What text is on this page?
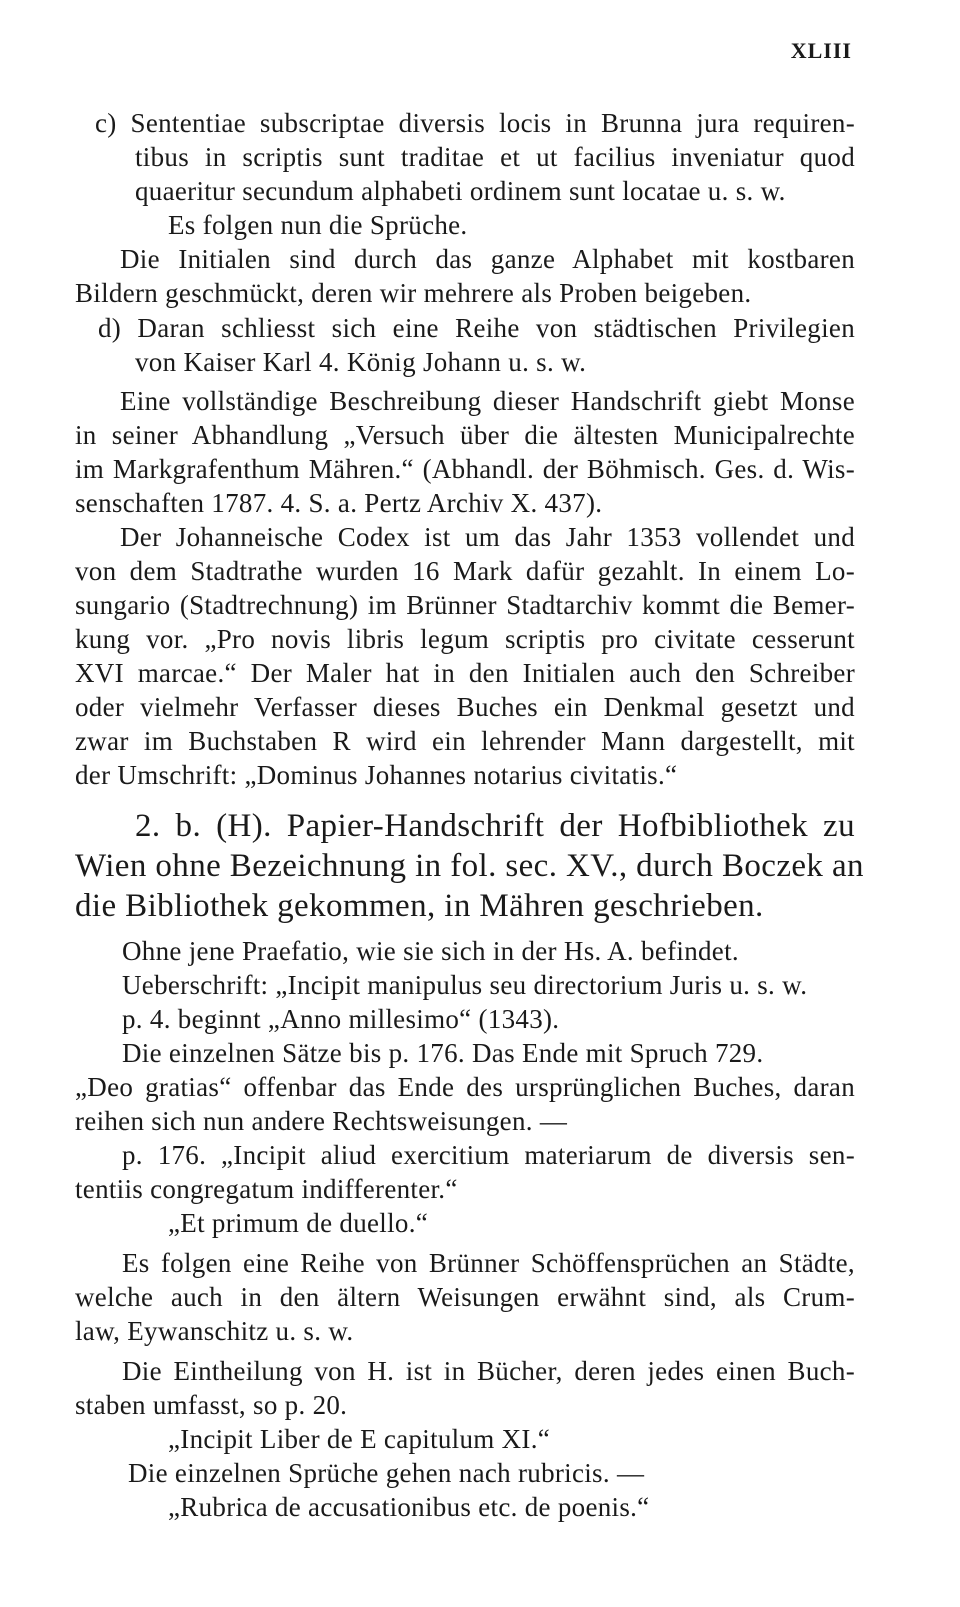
XLIII
c) Sententiae subscriptae diversis locis in Brunna jura requiren-
tibus in scriptis sunt traditae et ut facilius inveniatur quod
quaeritur secundum alphabeti ordinem sunt locatae u. s. w.
Es folgen nun die Sprüche.
Die Initialen sind durch das ganze Alphabet mit kostbaren
Bildern geschmückt, deren wir mehrere als Proben beigeben.
d) Daran schliesst sich eine Reihe von städtischen Privilegien
von Kaiser Karl 4. König Johann u. s. w.
Eine vollständige Beschreibung dieser Handschrift giebt Monse
in seiner Abhandlung „Versuch über die ältesten Municipalrechte
im Markgrafenthum Mähren.“ (Abhandl. der Böhmisch. Ges. d. Wis-
senschaften 1787. 4. S. a. Pertz Archiv X. 437).
Der Johanneische Codex ist um das Jahr 1353 vollendet und
von dem Stadtrathe wurden 16 Mark dafür gezahlt. In einem Lo-
sungario (Stadtrechnung) im Brünner Stadtarchiv kommt die Bemer-
kung vor. „Pro novis libris legum scriptis pro civitate cesserunt
XVI marcae.“ Der Maler hat in den Initialen auch den Schreiber
oder vielmehr Verfasser dieses Buches ein Denkmal gesetzt und
zwar im Buchstaben R wird ein lehrender Mann dargestellt, mit
der Umschrift: „Dominus Johannes notarius civitatis.“
2. b. (H). Papier-Handschrift der Hofbibliothek zu
Wien ohne Bezeichnung in fol. sec. XV., durch Boczek an
die Bibliothek gekommen, in Mähren geschrieben.
Ohne jene Praefatio, wie sie sich in der Hs. A. befindet.
Ueberschrift: „Incipit manipulus seu directorium Juris u. s. w.
p. 4. beginnt „Anno millesimo“ (1343).
Die einzelnen Sätze bis p. 176. Das Ende mit Spruch 729.
„Deo gratias“ offenbar das Ende des ursprünglichen Buches, daran
reihen sich nun andere Rechtsweisungen. —
p. 176. „Incipit aliud exercitium materiarum de diversis sen-
tentiis congregatum indifferenter.“
„Et primum de duello.“
Es folgen eine Reihe von Brünner Schöffensprüchen an Städte,
welche auch in den ältern Weisungen erwähnt sind, als Crum-
law, Eywanschitz u. s. w.
Die Eintheilung von H. ist in Bücher, deren jedes einen Buch-
staben umfasst, so p. 20.
„Incipit Liber de E capitulum XI.“
Die einzelnen Sprüche gehen nach rubricis. —
„Rubrica de accusationibus etc. de poenis.“
